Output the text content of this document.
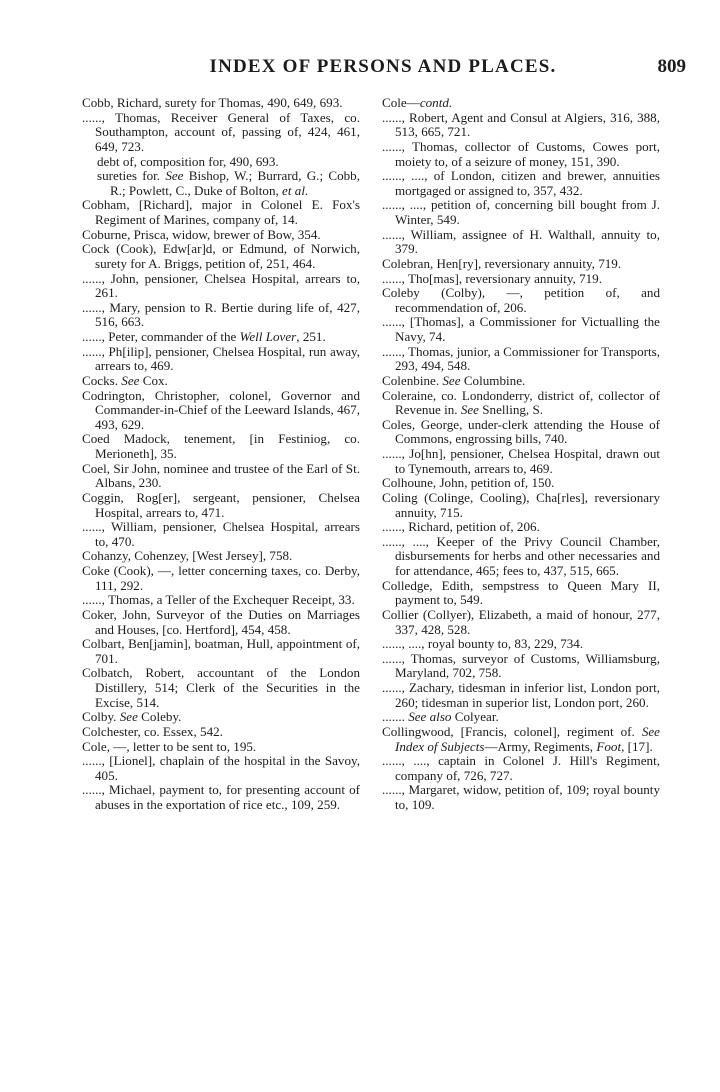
INDEX OF PERSONS AND PLACES.	809

Cobb, Richard, surety for Thomas, 490, 649, 693.

......, Thomas, Receiver General of Taxes, co. Southampton, account of, passing of, 424, 461, 649, 723.

debt of, composition for, 490, 693.

sureties for. See Bishop, W.; Burrard, G.; Cobb, R.; Powlett, C., Duke of Bolton, et al.

Cobham, [Richard], major in Colonel E. Fox's Regiment of Marines, company of, 14.

Coburne, Prisca, widow, brewer of Bow, 354.

Cock (Cook), Edw[ar]d, or Edmund, of Norwich, surety for A. Briggs, petition of, 251, 464.

......, John, pensioner, Chelsea Hospital, arrears to, 261.

......, Mary, pension to R. Bertie during life of, 427, 516, 663.

......, Peter, commander of the Well Lover, 251.

......, Ph[ilip], pensioner, Chelsea Hospital, run away, arrears to, 469.

Cocks. See Cox.

Codrington, Christopher, colonel, Governor and Commander-in-Chief of the Leeward Islands, 467, 493, 629.

Coed Madock, tenement, [in Festiniog, co. Merioneth], 35.

Coel, Sir John, nominee and trustee of the Earl of St. Albans, 230.

Coggin, Rog[er], sergeant, pensioner, Chelsea Hospital, arrears to, 471.

......, William, pensioner, Chelsea Hospital, arrears to, 470.

Cohanzy, Cohenzey, [West Jersey], 758.

Coke (Cook), —, letter concerning taxes, co. Derby, 111, 292.

......, Thomas, a Teller of the Exchequer Receipt, 33.

Coker, John, Surveyor of the Duties on Marriages and Houses, [co. Hertford], 454, 458.

Colbart, Ben[jamin], boatman, Hull, appointment of, 701.

Colbatch, Robert, accountant of the London Distillery, 514; Clerk of the Securities in the Excise, 514.

Colby. See Coleby.

Colchester, co. Essex, 542.

Cole, —, letter to be sent to, 195.

......, [Lionel], chaplain of the hospital in the Savoy, 405.

......, Michael, payment to, for presenting account of abuses in the exportation of rice etc., 109, 259.

Cole—contd.

......, Robert, Agent and Consul at Algiers, 316, 388, 513, 665, 721.

......, Thomas, collector of Customs, Cowes port, moiety to, of a seizure of money, 151, 390.

......, ...., of London, citizen and brewer, annuities mortgaged or assigned to, 357, 432.

......, ...., petition of, concerning bill bought from J. Winter, 549.

......, William, assignee of H. Walthall, annuity to, 379.

Colebran, Hen[ry], reversionary annuity, 719.

......, Tho[mas], reversionary annuity, 719.

Coleby (Colby), —, petition of, and recommendation of, 206.

......, [Thomas], a Commissioner for Victualling the Navy, 74.

......, Thomas, junior, a Commissioner for Transports, 293, 494, 548.

Colenbine. See Columbine.

Coleraine, co. Londonderry, district of, collector of Revenue in. See Snelling, S.

Coles, George, under-clerk attending the House of Commons, engrossing bills, 740.

......, Jo[hn], pensioner, Chelsea Hospital, drawn out to Tynemouth, arrears to, 469.

Colhoune, John, petition of, 150.

Coling (Colinge, Cooling), Cha[rles], reversionary annuity, 715.

......, Richard, petition of, 206.

......, ...., Keeper of the Privy Council Chamber, disbursements for herbs and other necessaries and for attendance, 465; fees to, 437, 515, 665.

Colledge, Edith, sempstress to Queen Mary II, payment to, 549.

Collier (Collyer), Elizabeth, a maid of honour, 277, 337, 428, 528.

......, ...., royal bounty to, 83, 229, 734.

......, Thomas, surveyor of Customs, Williamsburg, Maryland, 702, 758.

......, Zachary, tidesman in inferior list, London port, 260; tidesman in superior list, London port, 260.

....... See also Colyear.

Collingwood, [Francis, colonel], regiment of. See Index of Subjects—Army, Regiments, Foot, [17].

......, ...., captain in Colonel J. Hill's Regiment, company of, 726, 727.

......, Margaret, widow, petition of, 109; royal bounty to, 109.
